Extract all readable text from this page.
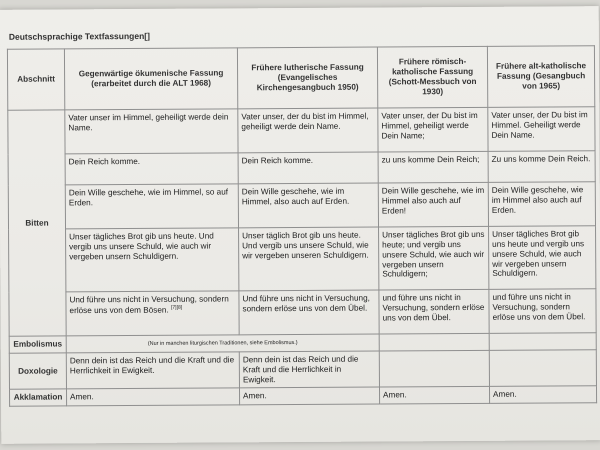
Deutschsprachige Textfassungen[]
Abschnitt	Gegenwärtige ökumenische Fassung (erarbeitet durch die ALT 1968)	Frühere lutherische Fassung (Evangelisches Kirchengesangbuch 1950)	Frühere römisch-katholische Fassung (Schott-Messbuch von 1930)	Frühere alt-katholische Fassung (Gesangbuch von 1965)
Bitten	Vater unser im Himmel, geheiligt werde dein Name.	Vater unser, der du bist im Himmel, geheiligt werde dein Name.	Vater unser, der Du bist im Himmel, geheiligt werde Dein Name;	Vater unser, der Du bist im Himmel. Geheiligt werde Dein Name.
	Dein Reich komme.	Dein Reich komme.	zu uns komme Dein Reich;	Zu uns komme Dein Reich.
	Dein Wille geschehe, wie im Himmel, so auf Erden.	Dein Wille geschehe, wie im Himmel, also auch auf Erden.	Dein Wille geschehe, wie im Himmel also auch auf Erden!	Dein Wille geschehe, wie im Himmel also auch auf Erden.
	Unser tägliches Brot gib uns heute. Und vergib uns unsere Schuld, wie auch wir vergeben unsern Schuldigern.	Unser täglich Brot gib uns heute. Und vergib uns unsere Schuld, wie wir vergeben unseren Schuldigern.	Unser tägliches Brot gib uns heute; und vergib uns unsere Schuld, wie auch wir vergeben unsern Schuldigern;	Unser tägliches Brot gib uns heute und vergib uns unsere Schuld, wie auch wir vergeben unsern Schuldigern.
	Und führe uns nicht in Versuchung, sondern erlöse uns von dem Bösen. [7][8]	Und führe uns nicht in Versuchung, sondern erlöse uns von dem Übel.	und führe uns nicht in Versuchung, sondern erlöse uns von dem Übel.	und führe uns nicht in Versuchung, sondern erlöse uns von dem Übel.
Embolismus	(Nur in manchen liturgischen Traditionen, siehe Embolismus.)			
Doxologie	Denn dein ist das Reich und die Kraft und die Herrlichkeit in Ewigkeit.	Denn dein ist das Reich und die Kraft und die Herrlichkeit in Ewigkeit.		
Akklamation	Amen.	Amen.	Amen.	Amen.
